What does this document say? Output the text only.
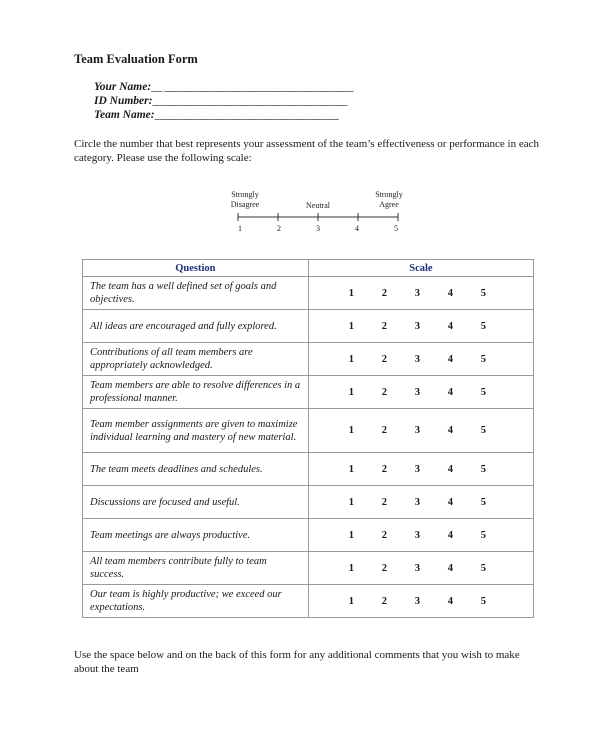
Team Evaluation Form
Your Name:__ ____________________________________
ID Number:_____________________________________
Team Name:___________________________________
Circle the number that best represents your assessment of the team’s effectiveness or performance in each category. Please use the following scale:
Strongly
Disagree	Neutral
Strongly
Agree
1	2	3	4	5
Question	Scale
The team has a well defined set of goals and objectives.	1 2 3 4 5

All ideas are encouraged and fully explored.	1 2 3 4 5

Contributions of all team members are appropriately acknowledged.	1 2 3 4 5

Team members are able to resolve differences in a professional manner.	1 2 3 4 5

Team member assignments are given to maximize individual learning and mastery of new material.	1 2 3 4 5

The team meets deadlines and schedules.	1 2 3 4 5

Discussions are focused and useful.	1 2 3 4 5

Team meetings are always productive.	1 2 3 4 5

All team members contribute fully to team success.	1 2 3 4 5

Our team is highly productive; we exceed our expectations.	1 2 3 4 5
Use the space below and on the back of this form for any additional comments that you wish to make about the team
